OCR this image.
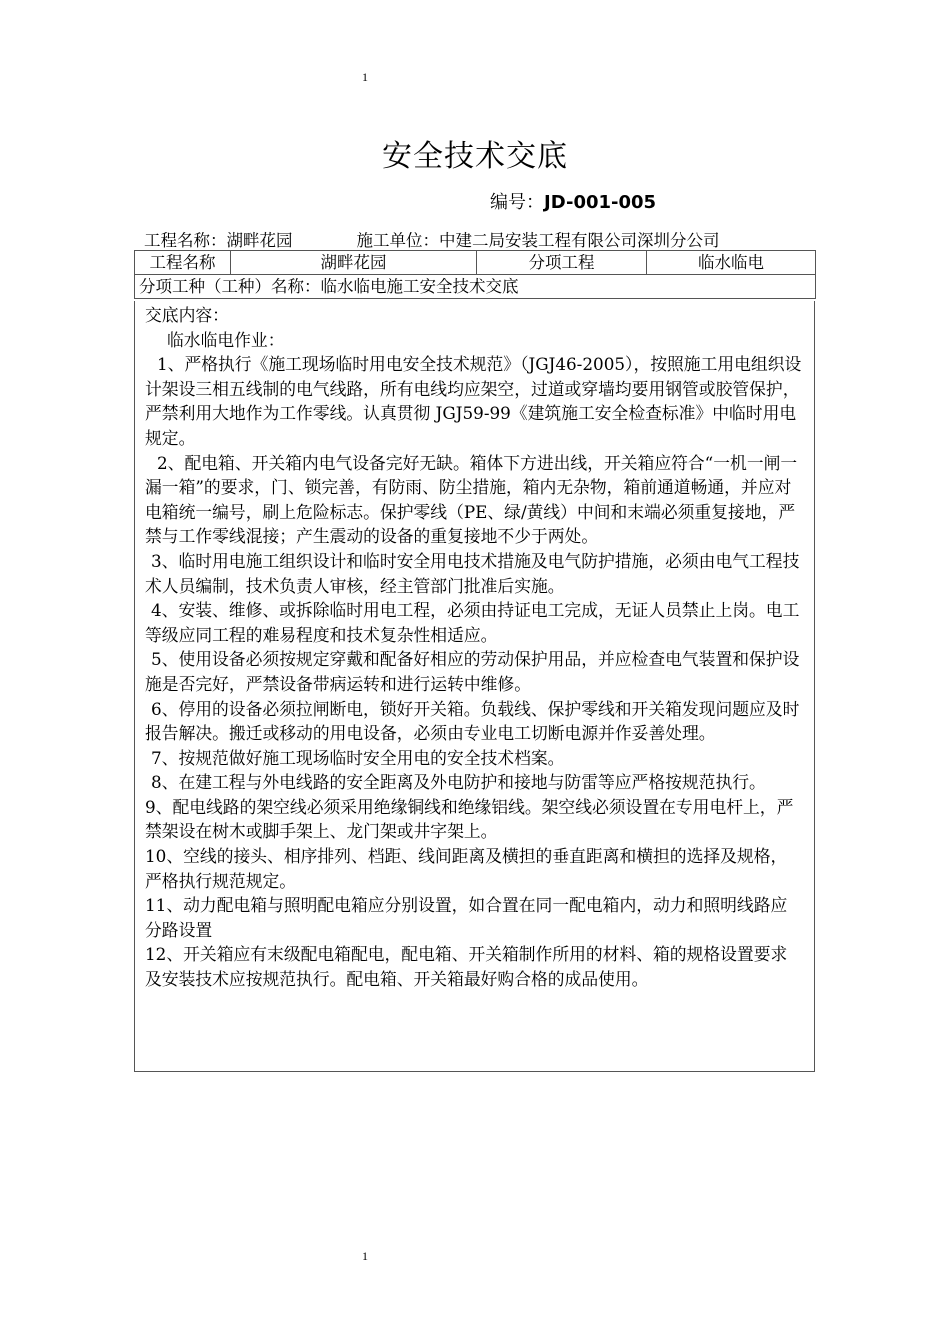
1
安全技术交底
编号：JD-001-005
工程名称：湖畔花园	施工单位：中建二局安装工程有限公司深圳分公司
工程名称	湖畔花园	分项工程	临水临电
分项工种（工种）名称：临水临电施工安全技术交底

交底内容：

临水临电作业：

1、严格执行《施工现场临时用电安全技术规范》（JGJ46-2005），按照施工用电组织设计架设三相五线制的电气线路，所有电线均应架空，过道或穿墙均要用钢管或胶管保护， 严禁利用大地作为工作零线。认真贯彻 JGJ59-99《建筑施工安全检查标准》中临时用电规定。

2、配电箱、开关箱内电气设备完好无缺。箱体下方进出线，开关箱应符合“一机一闸一漏一箱”的要求，门、锁完善，有防雨、防尘措施，箱内无杂物，箱前通道畅通，并应对电箱统一编号，刷上危险标志。保护零线（PE、绿/黄线）中间和末端必须重复接地，严禁与工作零线混接；产生震动的设备的重复接地不少于两处。

3、临时用电施工组织设计和临时安全用电技术措施及电气防护措施，必须由电气工程技术人员编制，技术负责人审核，经主管部门批准后实施。

4、安装、维修、或拆除临时用电工程，必须由持证电工完成，无证人员禁止上岗。电工等级应同工程的难易程度和技术复杂性相适应。

5、使用设备必须按规定穿戴和配备好相应的劳动保护用品，并应检查电气装置和保护设施是否完好，严禁设备带病运转和进行运转中维修。

6、停用的设备必须拉闸断电，锁好开关箱。负载线、保护零线和开关箱发现问题应及时报告解决。搬迁或移动的用电设备，必须由专业电工切断电源并作妥善处理。

7、按规范做好施工现场临时安全用电的安全技术档案。

8、在建工程与外电线路的安全距离及外电防护和接地与防雷等应严格按规范执行。

9、配电线路的架空线必须采用绝缘铜线和绝缘铝线。架空线必须设置在专用电杆上，严禁架设在树木或脚手架上、龙门架或井字架上。

10、空线的接头、相序排列、档距、线间距离及横担的垂直距离和横担的选择及规格，严格执行规范规定。

11、动力配电箱与照明配电箱应分别设置，如合置在同一配电箱内，动力和照明线路应分路设置

12、开关箱应有末级配电箱配电，配电箱、开关箱制作所用的材料、箱的规格设置要求及安装技术应按规范执行。配电箱、开关箱最好购合格的成品使用。

1
